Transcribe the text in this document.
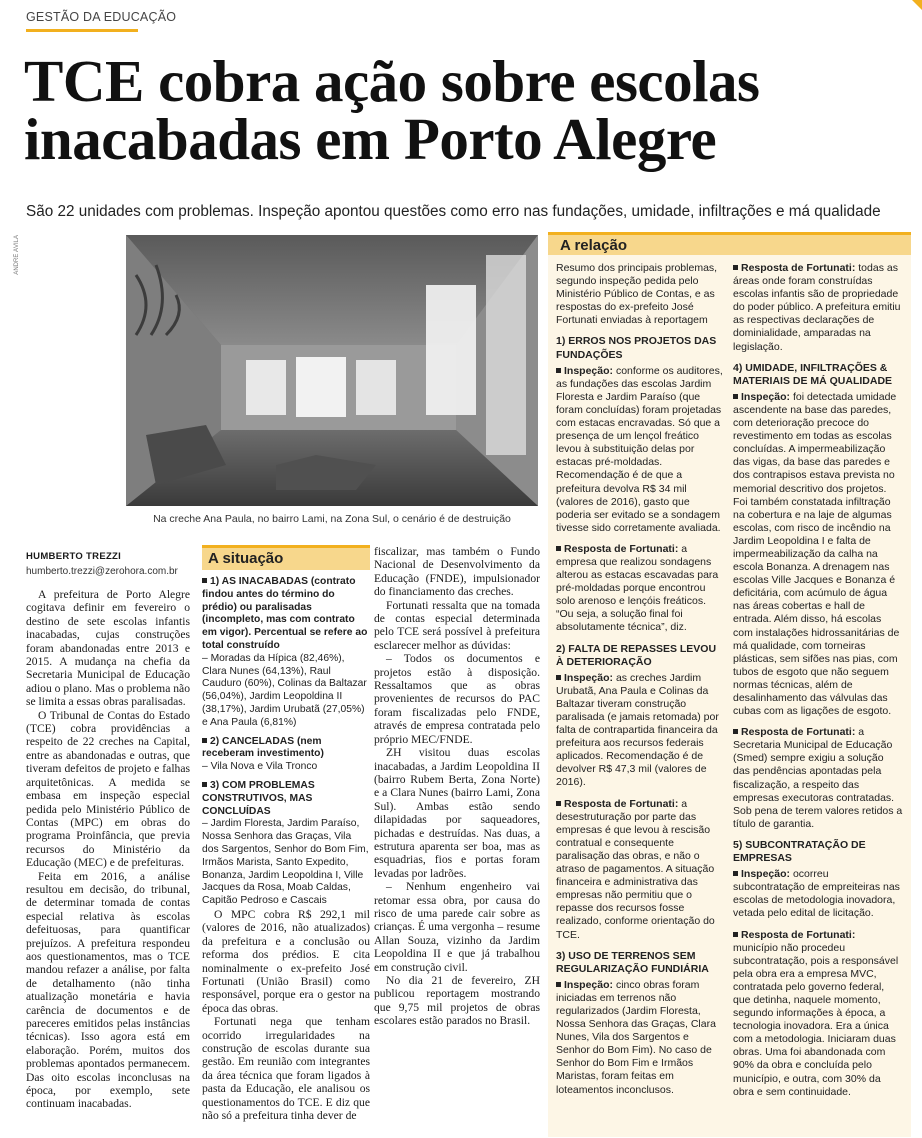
GESTÃO DA EDUCAÇÃO
TCE cobra ação sobre escolas
inacabadas em Porto Alegre
São 22 unidades com problemas. Inspeção apontou questões como erro nas fundações, umidade, infiltrações e má qualidade
ANDRÉ ÁVILA
Na creche Ana Paula, no bairro Lami, na Zona Sul, o cenário é de destruição
HUMBERTO TREZZI
humberto.trezzi@zerohora.com.br

A prefeitura de Porto Alegre cogitava definir em fevereiro o destino de sete escolas infantis inacabadas, cujas construções foram abandonadas entre 2013 e 2015. A mudança na chefia da Secretaria Municipal de Educação adiou o plano. Mas o problema não se limita a essas obras paralisadas.

O Tribunal de Contas do Estado (TCE) cobra providências a respeito de 22 creches na Capital, entre as abandonadas e outras, que tiveram defeitos de projeto e falhas arquitetônicas. A medida se embasa em inspeção especial pedida pelo Ministério Público de Contas (MPC) em obras do programa Proinfância, que previa recursos do Ministério da Educação (MEC) e de prefeituras.

Feita em 2016, a análise resultou em decisão, do tribunal, de determinar tomada de contas especial relativa às escolas defeituosas, para quantificar prejuízos. A prefeitura respondeu aos questionamentos, mas o TCE mandou refazer a análise, por falta de detalhamento (não tinha atualização monetária e havia carência de documentos e de pareceres emitidos pelas instâncias técnicas). Isso agora está em elaboração. Porém, muitos dos problemas apontados permanecem. Das oito escolas inconclusas na época, por exemplo, sete continuam inacabadas.

A situação

1) AS INACABADAS (contrato findou antes do término do prédio) ou paralisadas (incompleto, mas com contrato em vigor). Percentual se refere ao total construído
– Moradas da Hípica (82,46%), Clara Nunes (64,13%), Raul Cauduro (60%), Colinas da Baltazar (56,04%), Jardim Leopoldina II (38,17%), Jardim Urubatã (27,05%) e Ana Paula (6,81%)

2) CANCELADAS (nem receberam investimento)
– Vila Nova e Vila Tronco

3) COM PROBLEMAS CONSTRUTIVOS, MAS CONCLUÍDAS
– Jardim Floresta, Jardim Paraíso, Nossa Senhora das Graças, Vila dos Sargentos, Senhor do Bom Fim, Irmãos Marista, Santo Expedito, Bonanza, Jardim Leopoldina I, Ville Jacques da Rosa, Moab Caldas, Capitão Pedroso e Cascais

O MPC cobra R$ 292,1 mil (valores de 2016, não atualizados) da prefeitura e a conclusão ou reforma dos prédios. E cita nominalmente o ex-prefeito José Fortunati (União Brasil) como responsável, porque era o gestor na época das obras.

Fortunati nega que tenham ocorrido irregularidades na construção de escolas durante sua gestão. Em reunião com integrantes da área técnica que foram ligados à pasta da Educação, ele analisou os questionamentos do TCE. E diz que não só a prefeitura tinha dever de

fiscalizar, mas também o Fundo Nacional de Desenvolvimento da Educação (FNDE), impulsionador do financiamento das creches.

Fortunati ressalta que na tomada de contas especial determinada pelo TCE será possível à prefeitura esclarecer melhor as dúvidas:

– Todos os documentos e projetos estão à disposição. Ressaltamos que as obras provenientes de recursos do PAC foram fiscalizadas pelo FNDE, através de empresa contratada pelo próprio MEC/FNDE.

ZH visitou duas escolas inacabadas, a Jardim Leopoldina II (bairro Rubem Berta, Zona Norte) e a Clara Nunes (bairro Lami, Zona Sul). Ambas estão sendo dilapidadas por saqueadores, pichadas e destruídas. Nas duas, a estrutura aparenta ser boa, mas as esquadrias, fios e portas foram levadas por ladrões.

– Nenhum engenheiro vai retomar essa obra, por causa do risco de uma parede cair sobre as crianças. É uma vergonha – resume Allan Souza, vizinho da Jardim Leopoldina II e que já trabalhou em construção civil.

No dia 21 de fevereiro, ZH publicou reportagem mostrando que 9,75 mil projetos de obras escolares estão parados no Brasil.

A relação

Resumo dos principais problemas, segundo inspeção pedida pelo Ministério Público de Contas, e as respostas do ex-prefeito José Fortunati enviadas à reportagem

1) ERROS NOS PROJETOS DAS FUNDAÇÕES

Inspeção: conforme os auditores, as fundações das escolas Jardim Floresta e Jardim Paraíso (que foram concluídas) foram projetadas com estacas encravadas. Só que a presença de um lençol freático levou à substituição delas por estacas pré-moldadas. Recomendação é de que a prefeitura devolva R$ 34 mil (valores de 2016), gasto que poderia ser evitado se a sondagem tivesse sido corretamente avaliada.

Resposta de Fortunati: a empresa que realizou sondagens alterou as estacas escavadas para pré-moldadas porque encontrou solo arenoso e lençóis freáticos. “Ou seja, a solução final foi absolutamente técnica”, diz.

2) FALTA DE REPASSES LEVOU À DETERIORAÇÃO

Inspeção: as creches Jardim Urubatã, Ana Paula e Colinas da Baltazar tiveram construção paralisada (e jamais retomada) por falta de contrapartida financeira da prefeitura aos recursos federais aplicados. Recomendação é de devolver R$ 47,3 mil (valores de 2016).

Resposta de Fortunati: a desestruturação por parte das empresas é que levou à rescisão contratual e consequente paralisação das obras, e não o atraso de pagamentos. A situação financeira e administrativa das empresas não permitiu que o repasse dos recursos fosse realizado, conforme orientação do TCE.

3) USO DE TERRENOS SEM REGULARIZAÇÃO FUNDIÁRIA

Inspeção: cinco obras foram iniciadas em terrenos não regularizados (Jardim Floresta, Nossa Senhora das Graças, Clara Nunes, Vila dos Sargentos e Senhor do Bom Fim). No caso de Senhor do Bom Fim e Irmãos Maristas, foram feitas em loteamentos inconclusos.

Resposta de Fortunati: todas as áreas onde foram construídas escolas infantis são de propriedade do poder público. A prefeitura emitiu as respectivas declarações de dominialidade, amparadas na legislação.

4) UMIDADE, INFILTRAÇÕES & MATERIAIS DE MÁ QUALIDADE

Inspeção: foi detectada umidade ascendente na base das paredes, com deterioração precoce do revestimento em todas as escolas concluídas. A impermeabilização das vigas, da base das paredes e dos contrapisos estava prevista no memorial descritivo dos projetos. Foi também constatada infiltração na cobertura e na laje de algumas escolas, com risco de incêndio na Jardim Leopoldina I e falta de impermeabilização da calha na escola Bonanza. A drenagem nas escolas Ville Jacques e Bonanza é deficitária, com acúmulo de água nas áreas cobertas e hall de entrada. Além disso, há escolas com instalações hidrossanitárias de má qualidade, com torneiras plásticas, sem sifões nas pias, com tubos de esgoto que não seguem normas técnicas, além de desalinhamento das válvulas das cubas com as ligações de esgoto.

Resposta de Fortunati: a Secretaria Municipal de Educação (Smed) sempre exigiu a solução das pendências apontadas pela fiscalização, a respeito das empresas executoras contratadas. Sob pena de terem valores retidos a título de garantia.

5) SUBCONTRATAÇÃO DE EMPRESAS

Inspeção: ocorreu subcontratação de empreiteiras nas escolas de metodologia inovadora, vetada pelo edital de licitação.

Resposta de Fortunati: município não procedeu subcontratação, pois a responsável pela obra era a empresa MVC, contratada pelo governo federal, que detinha, naquele momento, segundo informações à época, a tecnologia inovadora. Era a única com a metodologia. Iniciaram duas obras. Uma foi abandonada com 90% da obra e concluída pelo município, e outra, com 30% da obra e sem continuidade.
